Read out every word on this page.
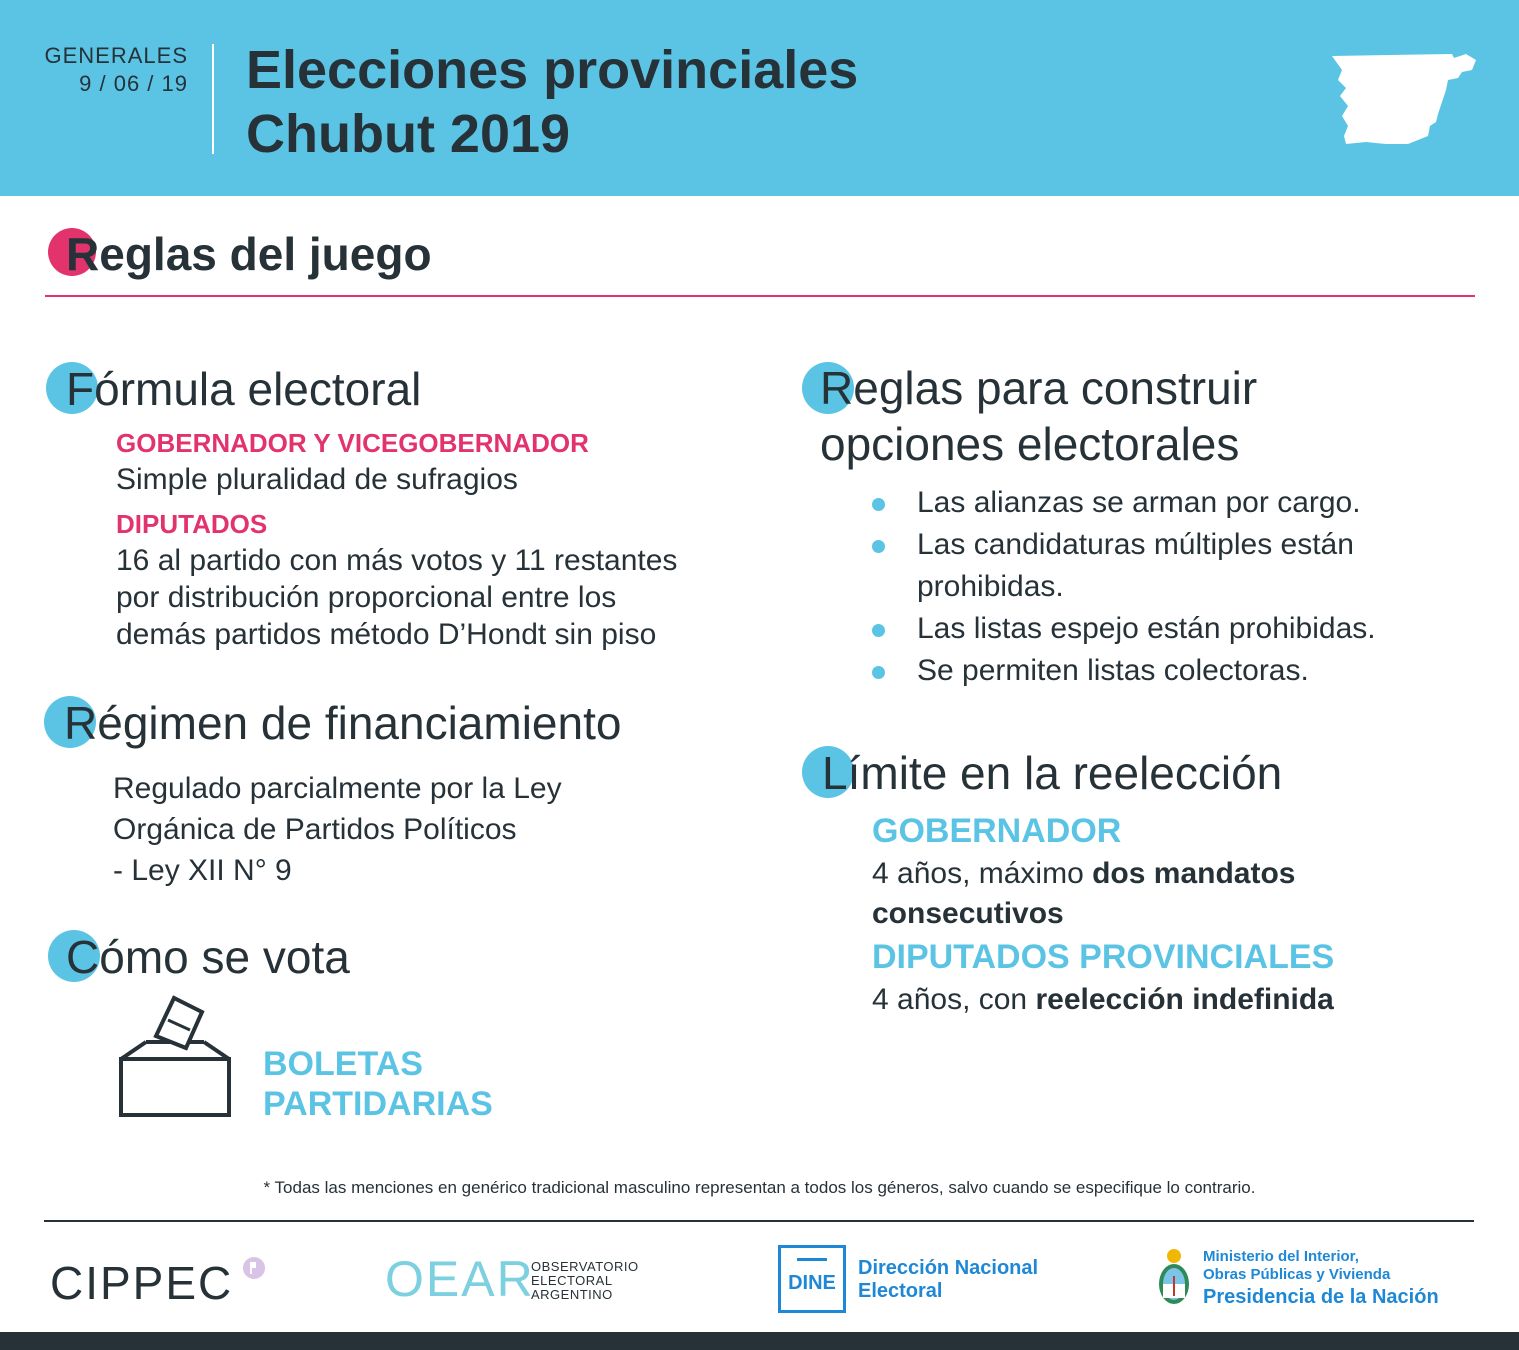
GENERALES
9 / 06 / 19 Elecciones provinciales
Chubut 2019
Reglas del juego
Fórmula electoral
GOBERNADOR Y VICEGOBERNADOR
Simple pluralidad de sufragios
DIPUTADOS
16 al partido con más votos y 11 restantes
por distribución proporcional entre los
demás partidos método D’Hondt sin piso
Régimen de financiamiento
Regulado parcialmente por la Ley
Orgánica de Partidos Políticos
- Ley XII N° 9
Cómo se vota
BOLETAS
PARTIDARIAS
Reglas para construir
opciones electorales
Las alianzas se arman por cargo.
Las candidaturas múltiples están
prohibidas.
Las listas espejo están prohibidas.
Se permiten listas colectoras.
Límite en la reelección
GOBERNADOR
4 años, máximo dos mandatos
consecutivos
DIPUTADOS PROVINCIALES
4 años, con reelección indefinida
* Todas las menciones en genérico tradicional masculino representan a todos los géneros, salvo cuando se especifique lo contrario.
CIPPEC	OEAR
OBSERVATORIO
ELECTORAL
ARGENTINO
DINE
Dirección Nacional
Electoral
Ministerio del Interior,
Obras Públicas y Vivienda
Presidencia de la Nación
